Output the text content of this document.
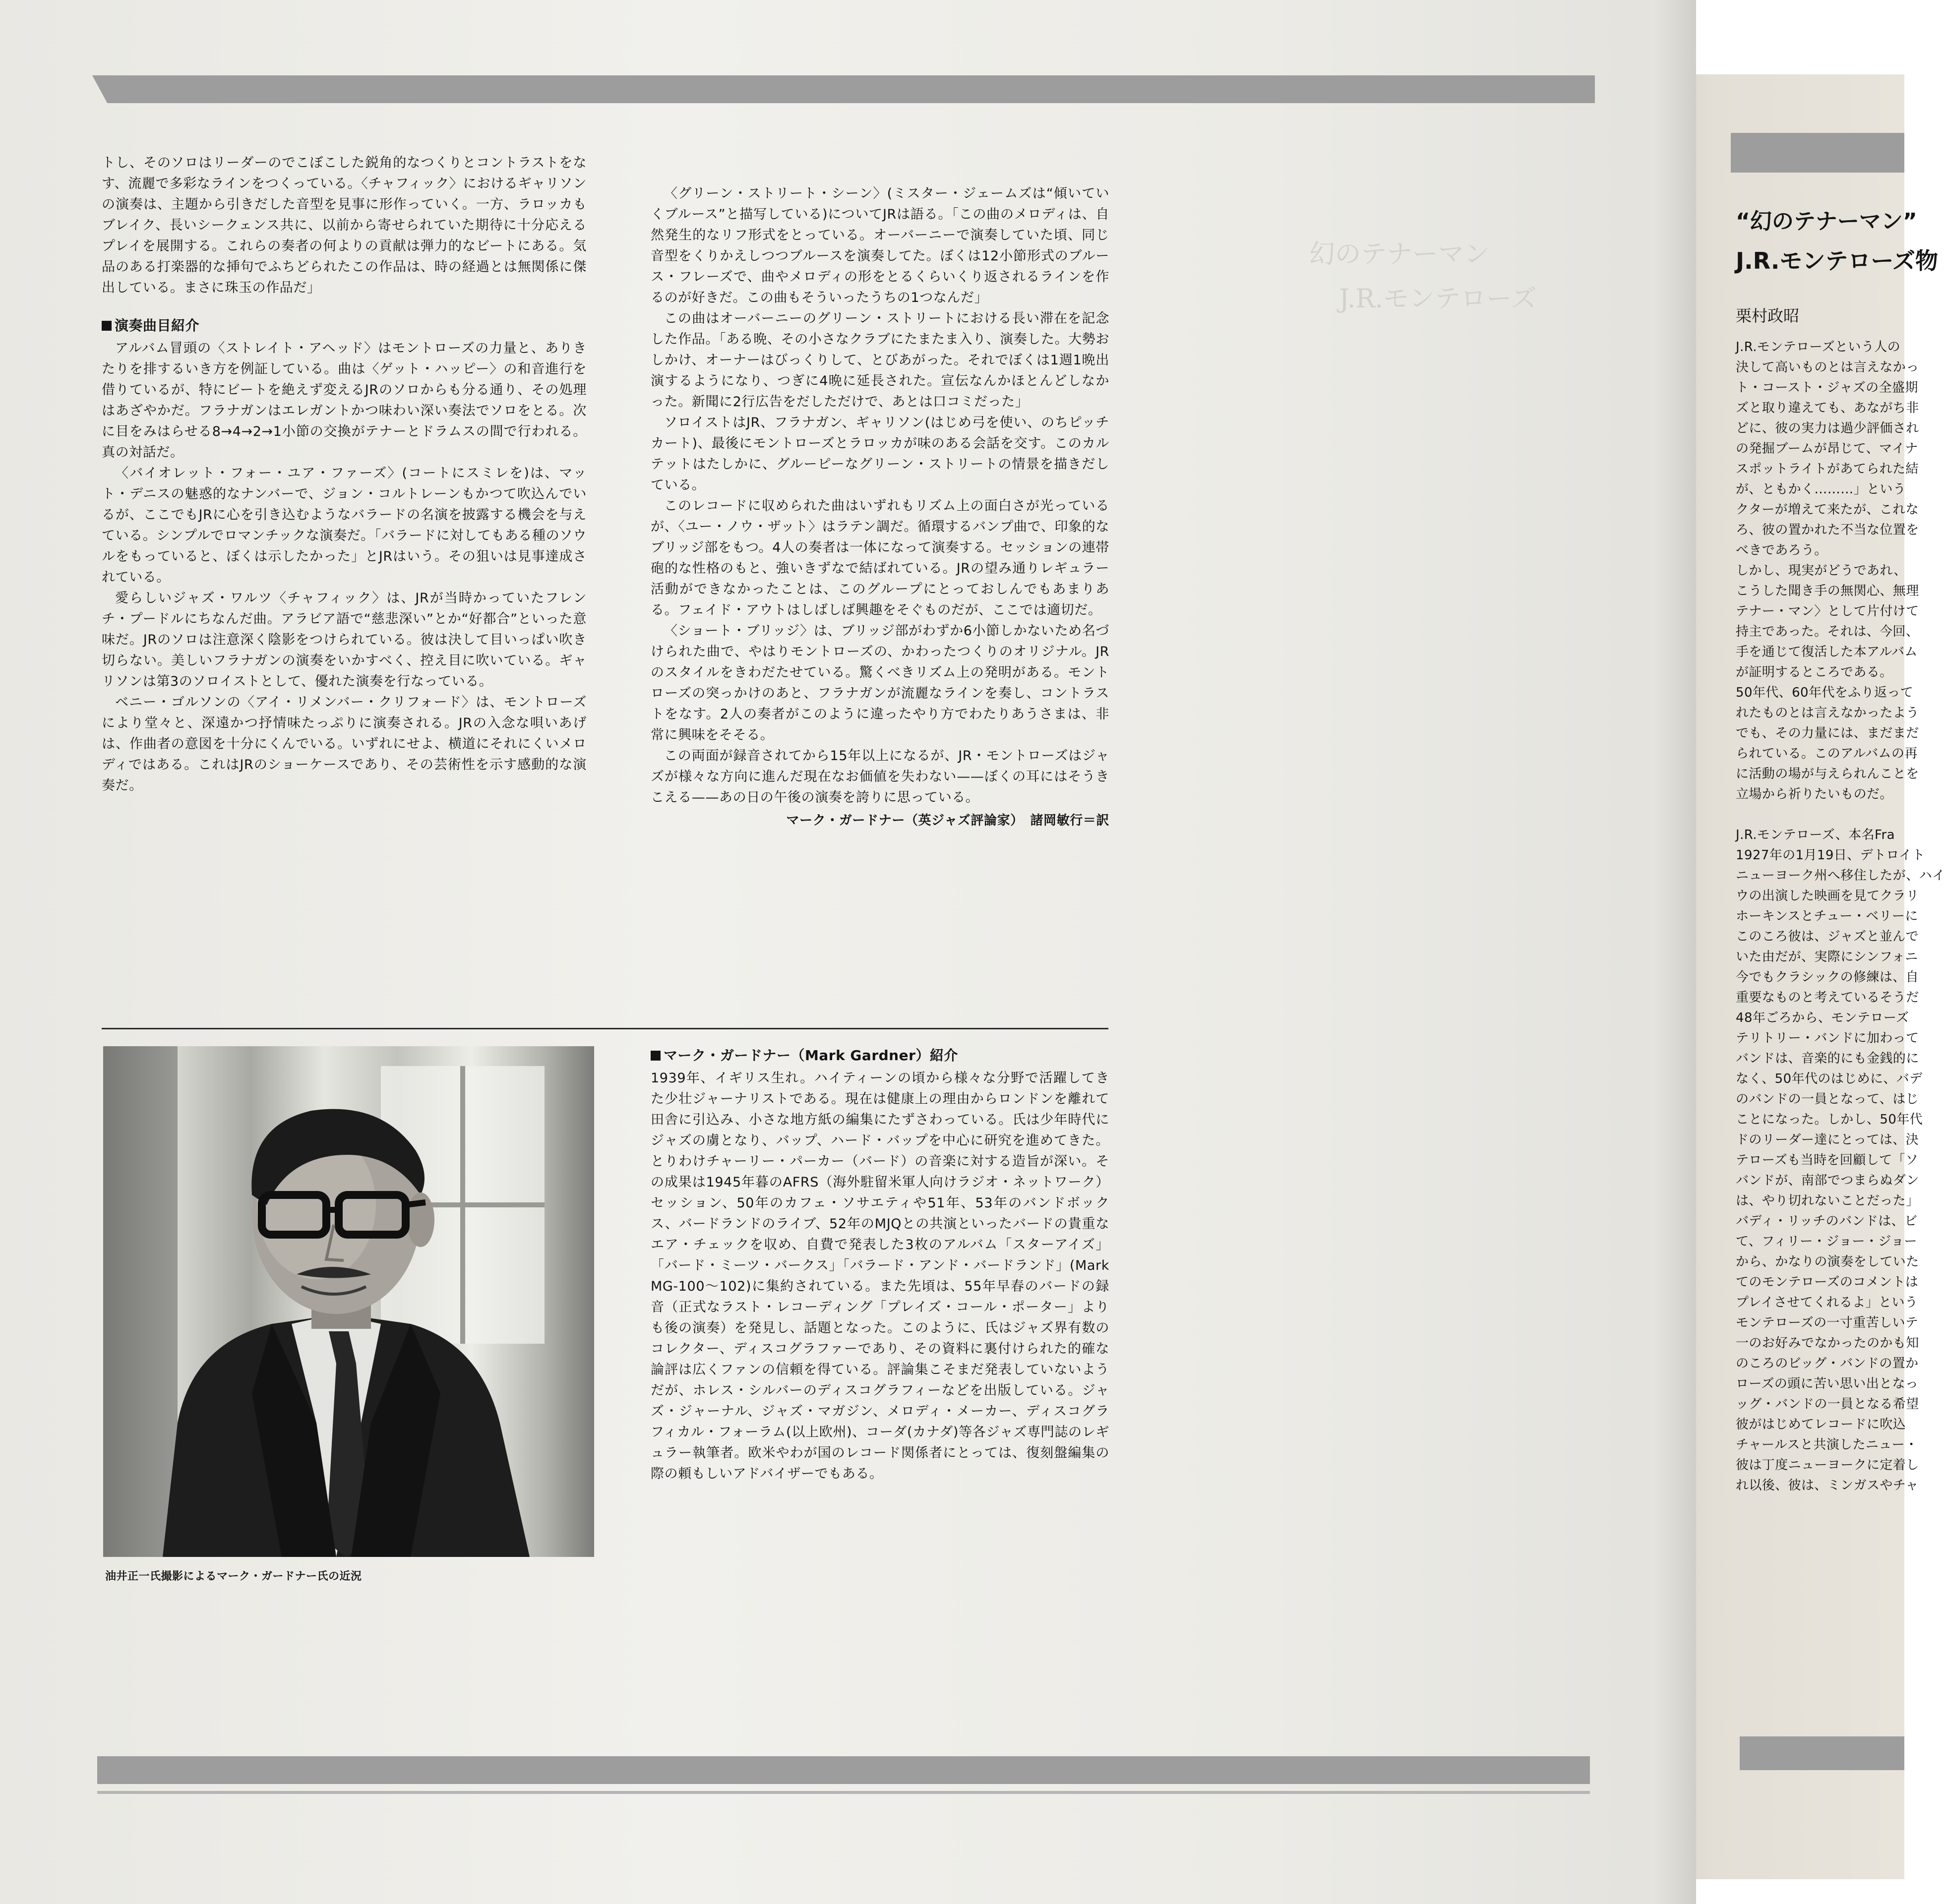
幻のテナーマン
J.R.モンテローズ

トし、そのソロはリーダーのでこぼこした鋭角的なつくりとコントラストをなす、流麗で多彩なラインをつくっている。〈チャフィック〉におけるギャリソンの演奏は、主題から引きだした音型を見事に形作っていく。一方、ラロッカもブレイク、長いシークェンス共に、以前から寄せられていた期待に十分応えるプレイを展開する。これらの奏者の何よりの貢献は弾力的なビートにある。気品のある打楽器的な挿句でふちどられたこの作品は、時の経過とは無関係に傑出している。まさに珠玉の作品だ」

演奏曲目紹介

アルバム冒頭の〈ストレイト・アヘッド〉はモントローズの力量と、ありきたりを排するいき方を例証している。曲は〈ゲット・ハッピー〉の和音進行を借りているが、特にビートを絶えず変えるJRのソロからも分る通り、その処理はあざやかだ。フラナガンはエレガントかつ味わい深い奏法でソロをとる。次に目をみはらせる8→4→2→1小節の交換がテナーとドラムスの間で行われる。真の対話だ。

〈バイオレット・フォー・ユア・ファーズ〉(コートにスミレを)は、マット・デニスの魅惑的なナンバーで、ジョン・コルトレーンもかつて吹込んでいるが、ここでもJRに心を引き込むようなバラードの名演を披露する機会を与えている。シンプルでロマンチックな演奏だ。「バラードに対してもある種のソウルをもっていると、ぼくは示したかった」とJRはいう。その狙いは見事達成されている。

愛らしいジャズ・ワルツ〈チャフィック〉は、JRが当時かっていたフレンチ・プードルにちなんだ曲。アラビア語で“慈悲深い”とか“好都合”といった意味だ。JRのソロは注意深く陰影をつけられている。彼は決して目いっぱい吹き切らない。美しいフラナガンの演奏をいかすべく、控え目に吹いている。ギャリソンは第3のソロイストとして、優れた演奏を行なっている。

ベニー・ゴルソンの〈アイ・リメンバー・クリフォード〉は、モントローズにより堂々と、深遠かつ抒情味たっぷりに演奏される。JRの入念な唄いあげは、作曲者の意図を十分にくんでいる。いずれにせよ、横道にそれにくいメロディではある。これはJRのショーケースであり、その芸術性を示す感動的な演奏だ。

〈グリーン・ストリート・シーン〉(ミスター・ジェームズは“傾いていくブルース”と描写している)についてJRは語る。「この曲のメロディは、自然発生的なリフ形式をとっている。オーバーニーで演奏していた頃、同じ音型をくりかえしつつブルースを演奏してた。ぼくは12小節形式のブルース・フレーズで、曲やメロディの形をとるくらいくり返されるラインを作るのが好きだ。この曲もそういったうちの1つなんだ」

この曲はオーバーニーのグリーン・ストリートにおける長い滞在を記念した作品。「ある晩、その小さなクラブにたまたま入り、演奏した。大勢おしかけ、オーナーはびっくりして、とびあがった。それでぼくは1週1晩出演するようになり、つぎに4晩に延長された。宣伝なんかほとんどしなかった。新聞に2行広告をだしただけで、あとは口コミだった」

ソロイストはJR、フラナガン、ギャリソン(はじめ弓を使い、のちピッチカート)、最後にモントローズとラロッカが味のある会話を交す。このカルテットはたしかに、グルーピーなグリーン・ストリートの情景を描きだしている。

このレコードに収められた曲はいずれもリズム上の面白さが光っているが、〈ユー・ノウ・ザット〉はラテン調だ。循環するバンプ曲で、印象的なブリッジ部をもつ。4人の奏者は一体になって演奏する。セッションの連帯砲的な性格のもと、強いきずなで結ばれている。JRの望み通りレギュラー活動ができなかったことは、このグループにとっておしんでもあまりある。フェイド・アウトはしばしば興趣をそぐものだが、ここでは適切だ。

〈ショート・ブリッジ〉は、ブリッジ部がわずか6小節しかないため名づけられた曲で、やはりモントローズの、かわったつくりのオリジナル。JRのスタイルをきわだたせている。驚くべきリズム上の発明がある。モントローズの突っかけのあと、フラナガンが流麗なラインを奏し、コントラストをなす。2人の奏者がこのように違ったやり方でわたりあうさまは、非常に興味をそそる。

この両面が録音されてから15年以上になるが、JR・モントローズはジャズが様々な方向に進んだ現在なお価値を失わない——ぼくの耳にはそうきこえる——あの日の午後の演奏を誇りに思っている。

マーク・ガードナー（英ジャズ評論家）　諸岡敏行＝訳
油井正一氏撮影によるマーク・ガードナー氏の近況
マーク・ガードナー（Mark Gardner）紹介

1939年、イギリス生れ。ハイティーンの頃から様々な分野で活躍してきた少壮ジャーナリストである。現在は健康上の理由からロンドンを離れて田舎に引込み、小さな地方紙の編集にたずさわっている。氏は少年時代にジャズの虜となり、バップ、ハード・バップを中心に研究を進めてきた。とりわけチャーリー・パーカー（バード）の音楽に対する造旨が深い。その成果は1945年暮のAFRS（海外駐留米軍人向けラジオ・ネットワーク）セッション、50年のカフェ・ソサエティや51年、53年のバンドボックス、バードランドのライブ、52年のMJQとの共演といったバードの貴重なエア・チェックを収め、自費で発表した3枚のアルバム「スターアイズ」「バード・ミーツ・バークス」「バラード・アンド・バードランド」(Mark MG-100〜102)に集約されている。また先頃は、55年早春のバードの録音（正式なラスト・レコーディング「プレイズ・コール・ポーター」よりも後の演奏）を発見し、話題となった。このように、氏はジャズ界有数のコレクター、ディスコグラファーであり、その資料に裏付けられた的確な論評は広くファンの信頼を得ている。評論集こそまだ発表していないようだが、ホレス・シルバーのディスコグラフィーなどを出版している。ジャズ・ジャーナル、ジャズ・マガジン、メロディ・メーカー、ディスコグラフィカル・フォーラム(以上欧州)、コーダ(カナダ)等各ジャズ専門誌のレギュラー執筆者。欧米やわが国のレコード関係者にとっては、復刻盤編集の際の頼もしいアドバイザーでもある。

“幻のテナーマン”
J.R.モンテローズ物
栗村政昭
J.R.モンテローズという人の
決して高いものとは言えなかっ
ト・コースト・ジャズの全盛期
ズと取り違えても、あながち非
どに、彼の実力は過少評価され
の発掘ブームが昂じて、マイナ
スポットライトがあてられた結
が、ともかく………」という
クターが増えて来たが、これな
ろ、彼の置かれた不当な位置を
べきであろう。
しかし、現実がどうであれ、
こうした聞き手の無関心、無理
テナー・マン〉として片付けて
持主であった。それは、今回、
手を通じて復活した本アルバム
が証明するところである。
50年代、60年代をふり返って
れたものとは言えなかったよう
でも、その力量には、まだまだ
られている。このアルバムの再
に活動の場が与えられんことを
立場から祈りたいものだ。
J.R.モンテローズ、本名Fra
1927年の1月19日、デトロイト
ニューヨーク州へ移住したが、ハイ
ウの出演した映画を見てクラリ
ホーキンスとチュー・ベリーに
このころ彼は、ジャズと並んで
いた由だが、実際にシンフォニ
今でもクラシックの修練は、自
重要なものと考えているそうだ
48年ごろから、モンテローズ
テリトリー・バンドに加わって
バンドは、音楽的にも金銭的に
なく、50年代のはじめに、バデ
のバンドの一員となって、はじ
ことになった。しかし、50年代
ドのリーダー達にとっては、決
テローズも当時を回顧して「ソ
バンドが、南部でつまらぬダン
は、やり切れないことだった」
バディ・リッチのバンドは、ビ
て、フィリー・ジョー・ジョー
から、かなりの演奏をしていた
てのモンテローズのコメントは
プレイさせてくれるよ」という
モンテローズの一寸重苦しいテ
一のお好みでなかったのかも知
のころのビッグ・バンドの置か
ローズの頭に苦い思い出となっ
ッグ・バンドの一員となる希望
彼がはじめてレコードに吹込
チャールスと共演したニュー・
彼は丁度ニューヨークに定着し
れ以後、彼は、ミンガスやチャ
